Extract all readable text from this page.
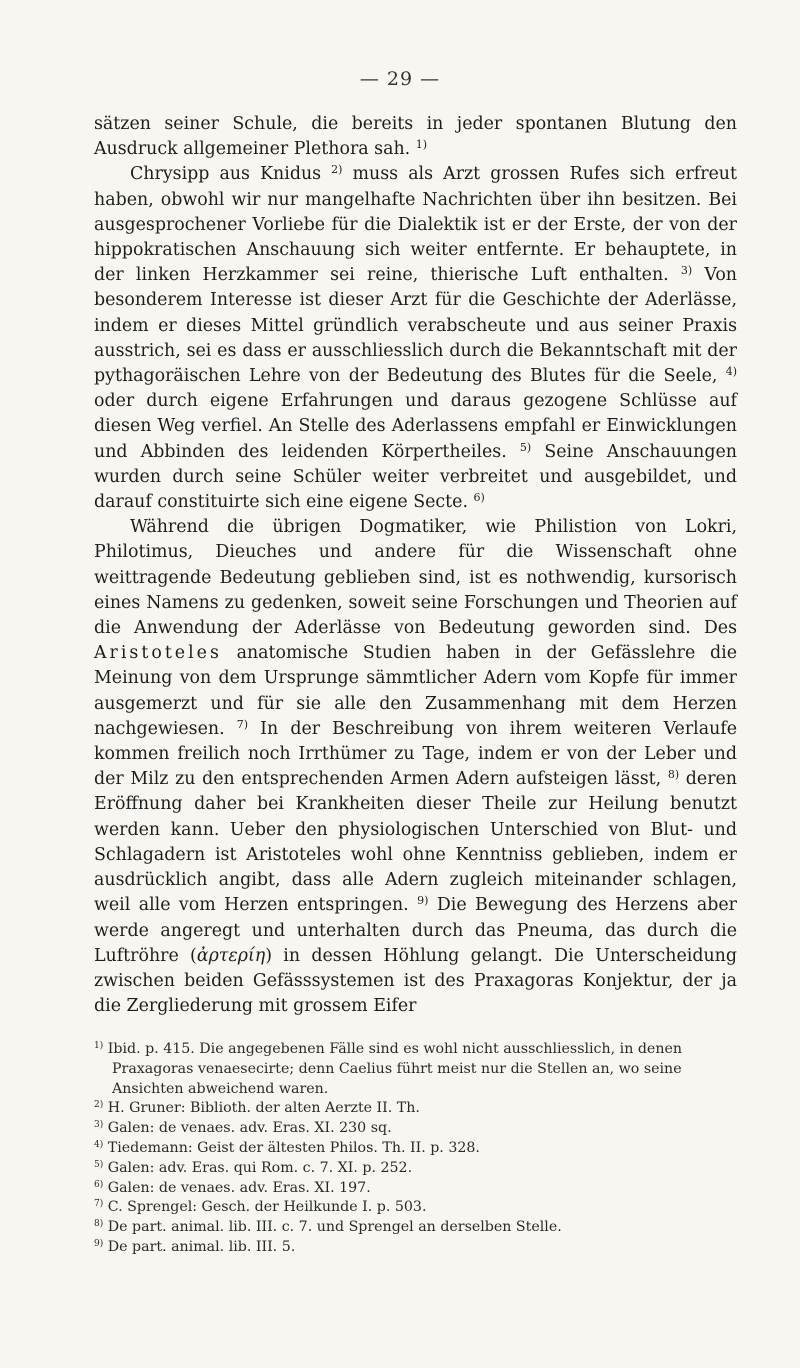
— 29 —

sätzen seiner Schule, die bereits in jeder spontanen Blutung den Ausdruck allgemeiner Plethora sah. $^{1)}$

Chrysipp aus Knidus $^{2)}$ muss als Arzt grossen Rufes sich erfreut haben, obwohl wir nur mangelhafte Nachrichten über ihn besitzen. Bei ausgesprochener Vorliebe für die Dialektik ist er der Erste, der von der hippokratischen Anschauung sich weiter entfernte. Er behauptete, in der linken Herzkammer sei reine, thierische Luft enthalten. $^{3)}$ Von besonderem Interesse ist dieser Arzt für die Geschichte der Aderlässe, indem er dieses Mittel gründlich verabscheute und aus seiner Praxis ausstrich, sei es dass er ausschliesslich durch die Bekanntschaft mit der pythagoräischen Lehre von der Bedeutung des Blutes für die Seele, $^{4)}$ oder durch eigene Erfahrungen und daraus gezogene Schlüsse auf diesen Weg verfiel. An Stelle des Aderlassens empfahl er Einwicklungen und Abbinden des leidenden Körpertheiles. $^{5)}$ Seine Anschauungen wurden durch seine Schüler weiter verbreitet und ausgebildet, und darauf constituirte sich eine eigene Secte. $^{6)}$

Während die übrigen Dogmatiker, wie Philistion von Lokri, Philotimus, Dieuches und andere für die Wissenschaft ohne weittragende Bedeutung geblieben sind, ist es nothwendig, kursorisch eines Namens zu gedenken, soweit seine Forschungen und Theorien auf die Anwendung der Aderlässe von Bedeutung geworden sind. Des Aristoteles anatomische Studien haben in der Gefässlehre die Meinung von dem Ursprunge sämmtlicher Adern vom Kopfe für immer ausgemerzt und für sie alle den Zusammenhang mit dem Herzen nachgewiesen. $^{7)}$ In der Beschreibung von ihrem weiteren Verlaufe kommen freilich noch Irrthümer zu Tage, indem er von der Leber und der Milz zu den entsprechenden Armen Adern aufsteigen lässt, $^{8)}$ deren Eröffnung daher bei Krankheiten dieser Theile zur Heilung benutzt werden kann. Ueber den physiologischen Unterschied von Blut- und Schlagadern ist Aristoteles wohl ohne Kenntniss geblieben, indem er ausdrücklich angibt, dass alle Adern zugleich miteinander schlagen, weil alle vom Herzen entspringen. $^{9)}$ Die Bewegung des Herzens aber werde angeregt und unterhalten durch das Pneuma, das durch die Luftröhre (ἀρτερίη) in dessen Höhlung gelangt. Die Unterscheidung zwischen beiden Gefässsystemen ist des Praxagoras Konjektur, der ja die Zergliederung mit grossem Eifer

$^{1)}$ Ibid. p. 415. Die angegebenen Fälle sind es wohl nicht ausschliesslich, in denen Praxagoras venaesecirte; denn Caelius führt meist nur die Stellen an, wo seine Ansichten abweichend waren.
$^{2)}$ H. Gruner: Biblioth. der alten Aerzte II. Th.
$^{3)}$ Galen: de venaes. adv. Eras. XI. 230 sq.
$^{4)}$ Tiedemann: Geist der ältesten Philos. Th. II. p. 328.
$^{5)}$ Galen: adv. Eras. qui Rom. c. 7. XI. p. 252.
$^{6)}$ Galen: de venaes. adv. Eras. XI. 197.
$^{7)}$ C. Sprengel: Gesch. der Heilkunde I. p. 503.
$^{8)}$ De part. animal. lib. III. c. 7. und Sprengel an derselben Stelle.
$^{9)}$ De part. animal. lib. III. 5.
